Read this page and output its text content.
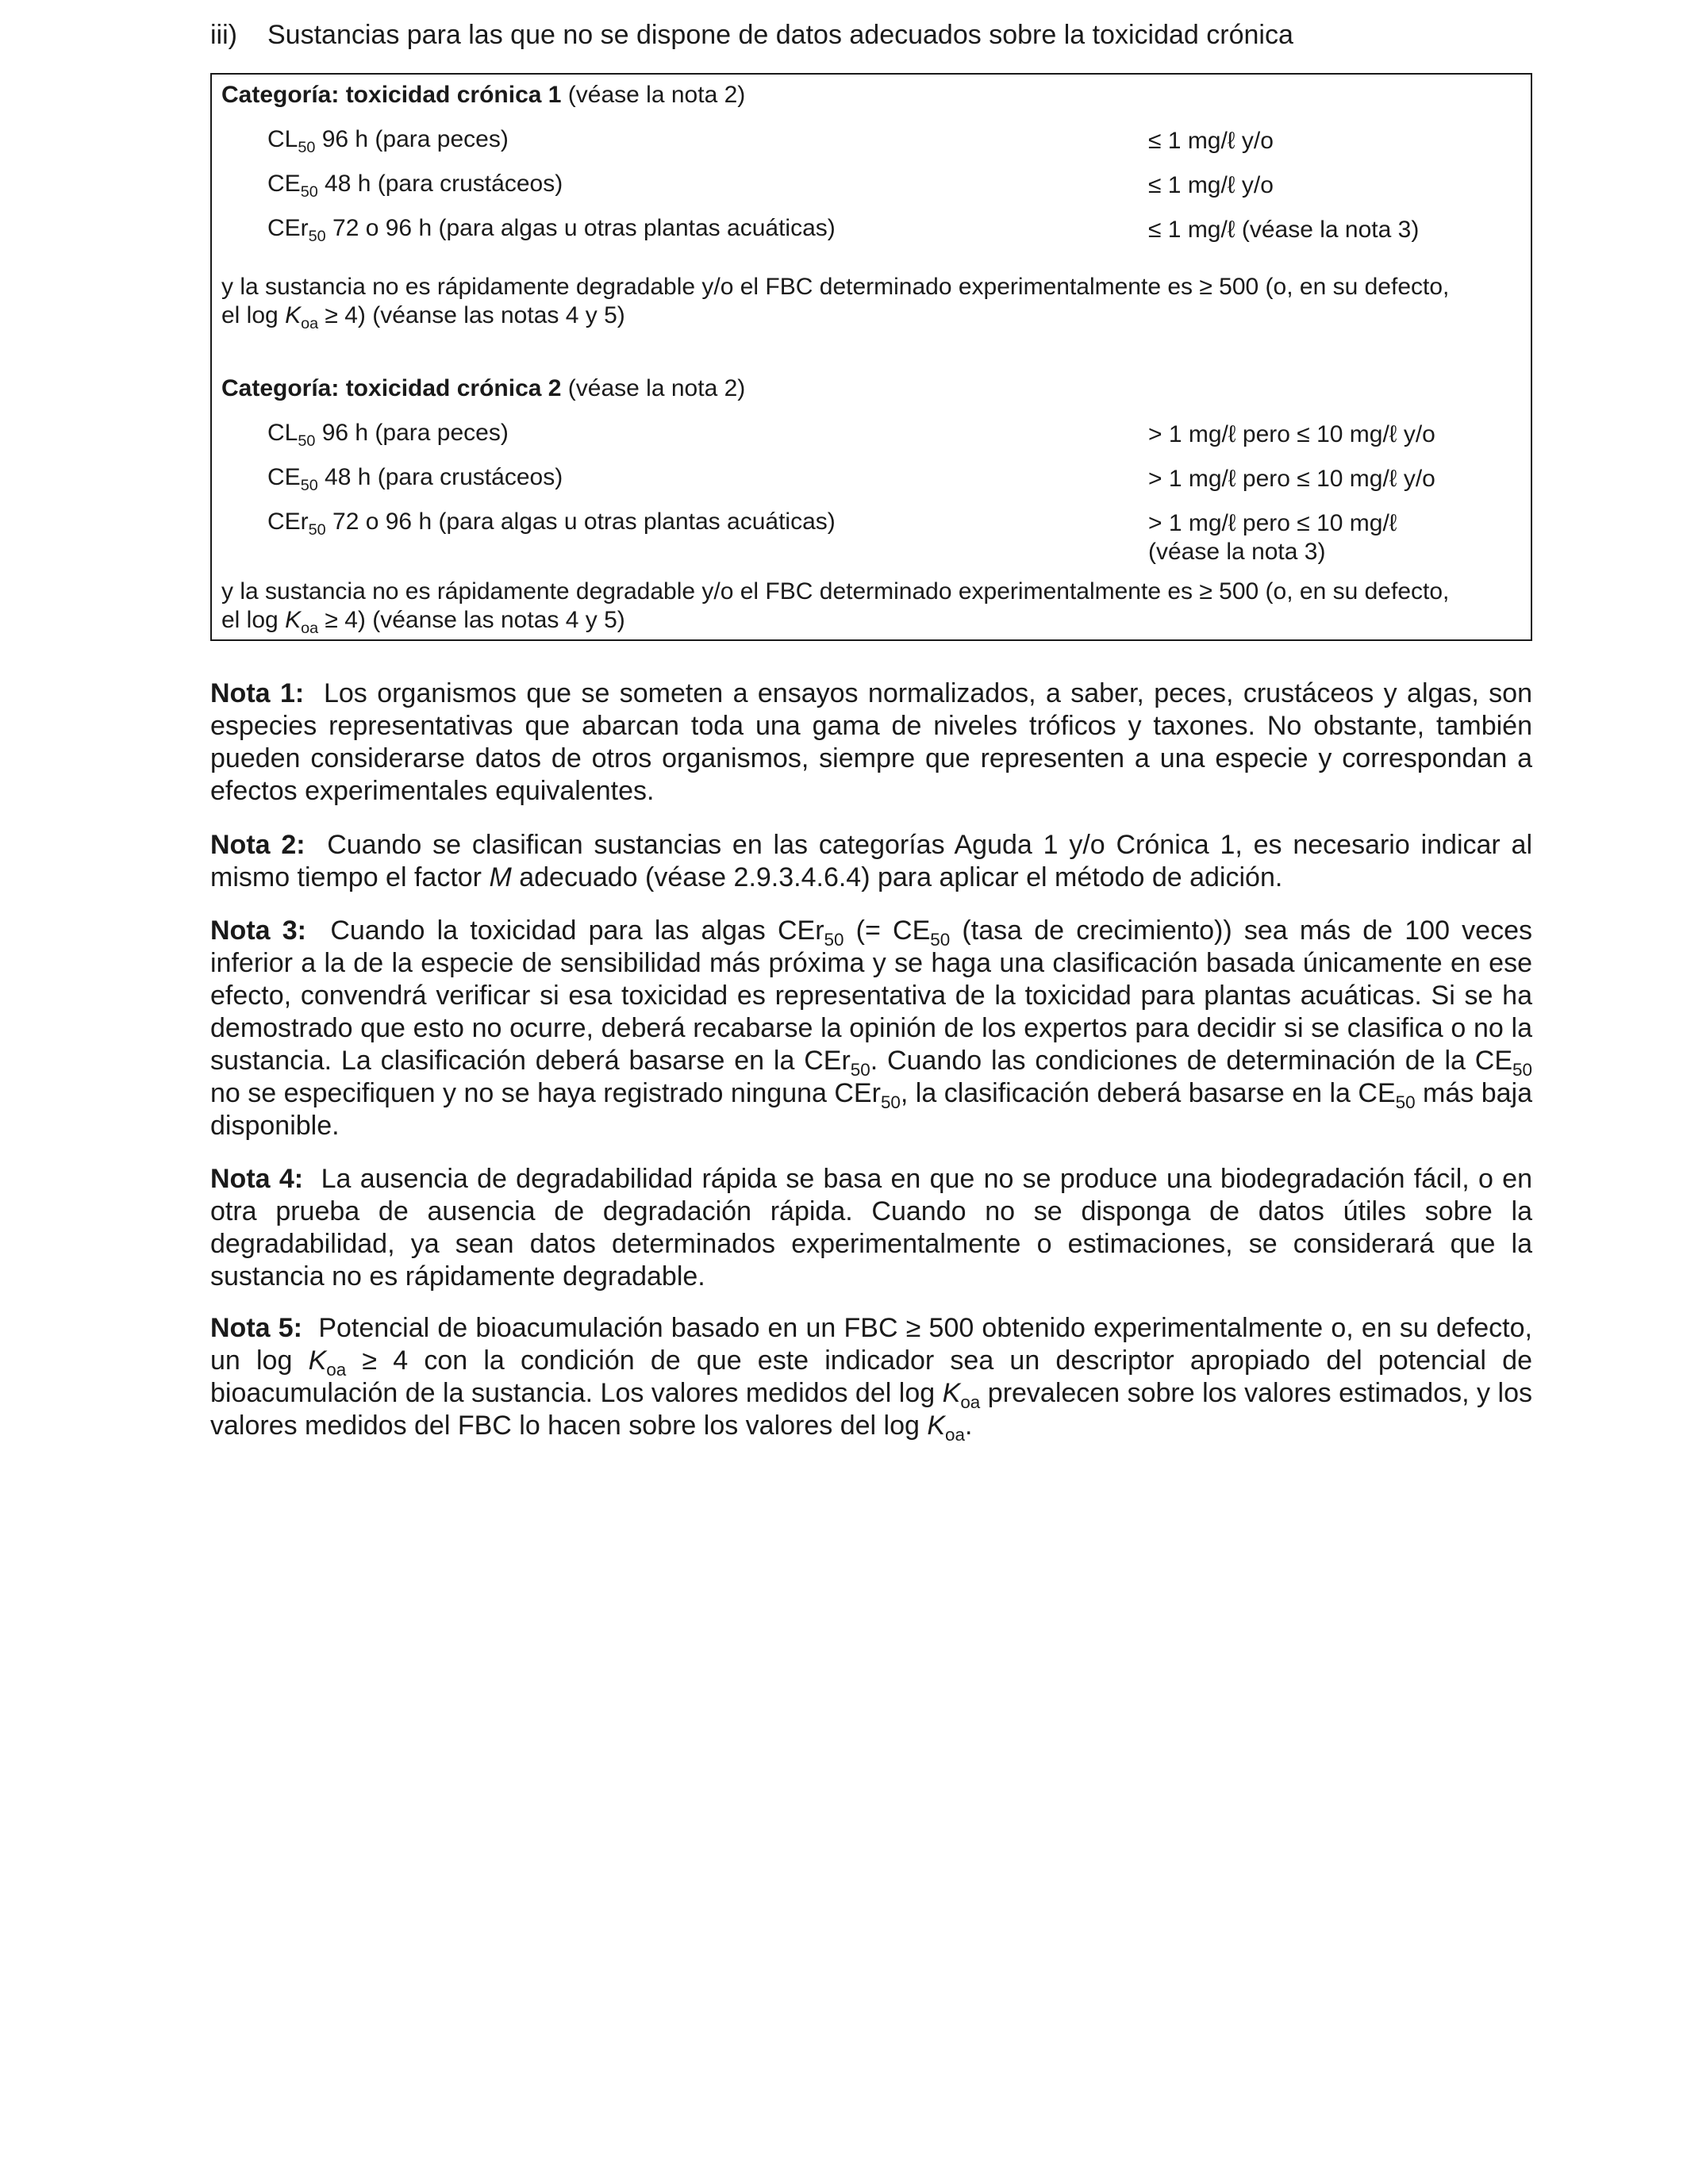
iii) Sustancias para las que no se dispone de datos adecuados sobre la toxicidad crónica
Categoría: toxicidad crónica 1 (véase la nota 2)
$CL_{50}$ 96 h (para peces)	≤ 1 mg/ℓ y/o
$CE_{50}$ 48 h (para crustáceos)	≤ 1 mg/ℓ y/o
CEr$_{50}$ 72 o 96 h (para algas u otras plantas acuáticas)	≤ 1 mg/ℓ (véase la nota 3)
y la sustancia no es rápidamente degradable y/o el FBC determinado experimentalmente es ≥ 500 (o, en su defecto,
el $\log K_{oa} \ge 4$) (véanse las notas 4 y 5)
Categoría: toxicidad crónica 2 (véase la nota 2)
$CL_{50}$ 96 h (para peces)	> 1 mg/ℓ pero ≤ 10 mg/ℓ y/o
$CE_{50}$ 48 h (para crustáceos)	> 1 mg/ℓ pero ≤ 10 mg/ℓ y/o
CEr$_{50}$ 72 o 96 h (para algas u otras plantas acuáticas)	> 1 mg/ℓ pero ≤ 10 mg/ℓ
(véase la nota 3)
y la sustancia no es rápidamente degradable y/o el FBC determinado experimentalmente es ≥ 500 (o, en su defecto,
el $\log K_{oa} \ge 4$) (véanse las notas 4 y 5)

Nota 1: Los organismos que se someten a ensayos normalizados, a saber, peces, crustáceos y algas, son especies representativas que abarcan toda una gama de niveles tróficos y taxones. No obstante, también pueden considerarse datos de otros organismos, siempre que representen a una especie y correspondan a efectos experimentales equivalentes.

Nota 2: Cuando se clasifican sustancias en las categorías Aguda 1 y/o Crónica 1, es necesario indicar al mismo tiempo el factor M adecuado (véase 2.9.3.4.6.4) para aplicar el método de adición.

Nota 3: Cuando la toxicidad para las algas CEr$_{50}$ (= $CE_{50}$ (tasa de crecimiento)) sea más de 100 veces inferior a la de la especie de sensibilidad más próxima y se haga una clasificación basada únicamente en ese efecto, convendrá verificar si esa toxicidad es representativa de la toxicidad para plantas acuáticas. Si se ha demostrado que esto no ocurre, deberá recabarse la opinión de los expertos para decidir si se clasifica o no la sustancia. La clasificación deberá basarse en la CEr$_{50}$. Cuando las condiciones de determinación de la $CE_{50}$ no se especifiquen y no se haya registrado ninguna CEr$_{50}$, la clasificación deberá basarse en la $CE_{50}$ más baja disponible.

Nota 4: La ausencia de degradabilidad rápida se basa en que no se produce una biodegradación fácil, o en otra prueba de ausencia de degradación rápida. Cuando no se disponga de datos útiles sobre la degradabilidad, ya sean datos determinados experimentalmente o estimaciones, se considerará que la sustancia no es rápidamente degradable.

Nota 5: Potencial de bioacumulación basado en un FBC ≥ 500 obtenido experimentalmente o, en su defecto, un $\log K_{oa} \ge 4$ con la condición de que este indicador sea un descriptor apropiado del potencial de bioacumulación de la sustancia. Los valores medidos del $\log K_{oa}$ prevalecen sobre los valores estimados, y los valores medidos del FBC lo hacen sobre los valores del $\log K_{oa}$.
